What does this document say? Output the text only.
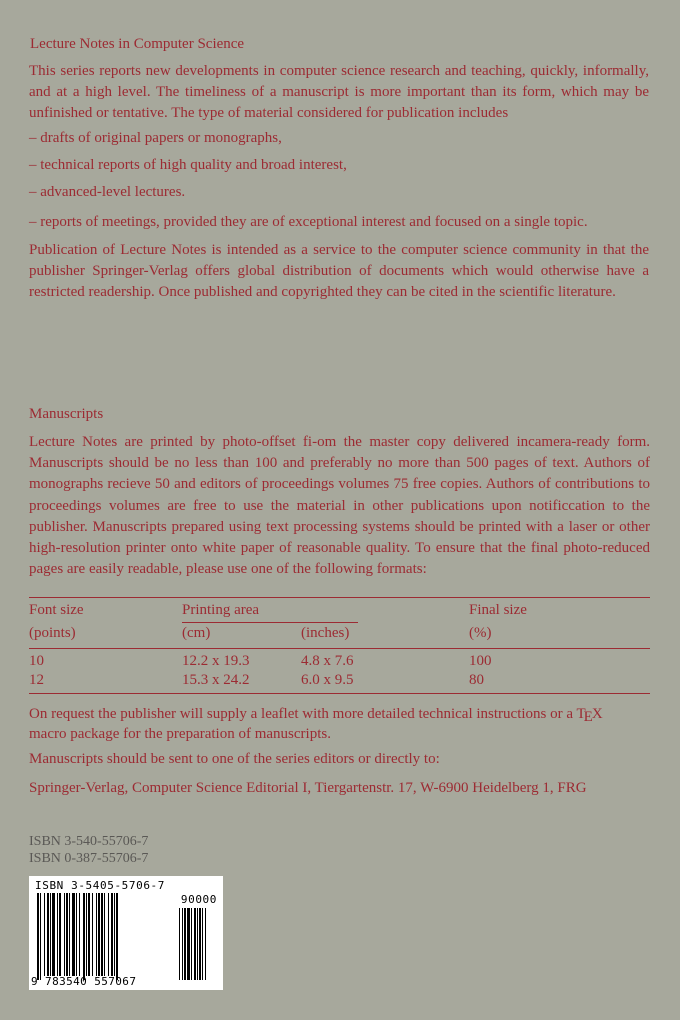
Lecture Notes in Computer Science
This series reports new developments in computer science research and teaching, quickly, informally, and at a high level. The timeliness of a manuscript is more important than its form, which may be unfinished or tentative. The type of material considered for publication includes
– drafts of original papers or monographs,
– technical reports of high quality and broad interest,
– advanced-level lectures.
– reports of meetings, provided they are of exceptional interest and focused on a single topic.
Publication of Lecture Notes is intended as a service to the computer science community in that the publisher Springer-Verlag offers global distribution of documents which would otherwise have a restricted readership. Once published and copyrighted they can be cited in the scientific literature.
Manuscripts
Lecture Notes are printed by photo-offset fi-om the master copy delivered incamera-ready form. Manuscripts should be no less than 100 and preferably no more than 500 pages of text. Authors of monographs recieve 50 and editors of proceedings volumes 75 free copies. Authors of contributions to proceedings volumes are free to use the material in other publications upon notificcation to the publisher. Manuscripts prepared using text processing systems should be printed with a laser or other high-resolution printer onto white paper of reasonable quality. To ensure that the final photo-reduced pages are easily readable, please use one of the following formats:
Font size	Printing area	Final size
(points)	(cm)	(inches)	(%)
10	12.2 x 19.3	4.8 x 7.6	100
12	15.3 x 24.2	6.0 x 9.5	80
On request the publisher will supply a leaflet with more detailed technical instructions or a TEX
macro package for the preparation of manuscripts.
Manuscripts should be sent to one of the series editors or directly to:
Springer-Verlag, Computer Science Editorial I, Tiergartenstr. 17, W-6900 Heidelberg 1, FRG
ISBN 3-540-55706-7
ISBN 0-387-55706-7
ISBN 3-5405-5706-7
90000
9 783540 557067
